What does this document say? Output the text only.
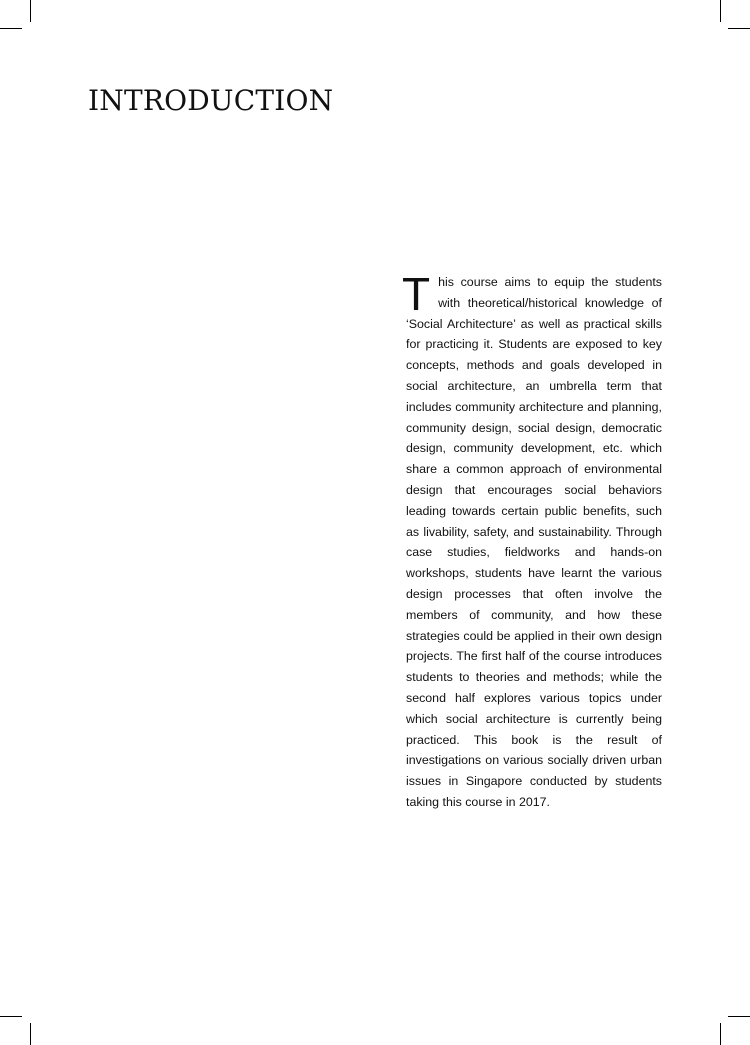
INTRODUCTION

This course aims to equip the students with theoretical/historical knowledge of ‘Social Architecture’ as well as practical skills for practicing it. Students are exposed to key concepts, methods and goals developed in social architecture, an umbrella term that includes community architecture and planning, community design, social design, democratic design, community development, etc. which share a common approach of environmental design that encourages social behaviors leading towards certain public benefits, such as livability, safety, and sustainability. Through case studies, fieldworks and hands-on workshops, students have learnt the various design processes that often involve the members of community, and how these strategies could be applied in their own design projects. The first half of the course introduces students to theories and methods; while the second half explores various topics under which social architecture is currently being practiced. This book is the result of investigations on various socially driven urban issues in Singapore conducted by students taking this course in 2017.
